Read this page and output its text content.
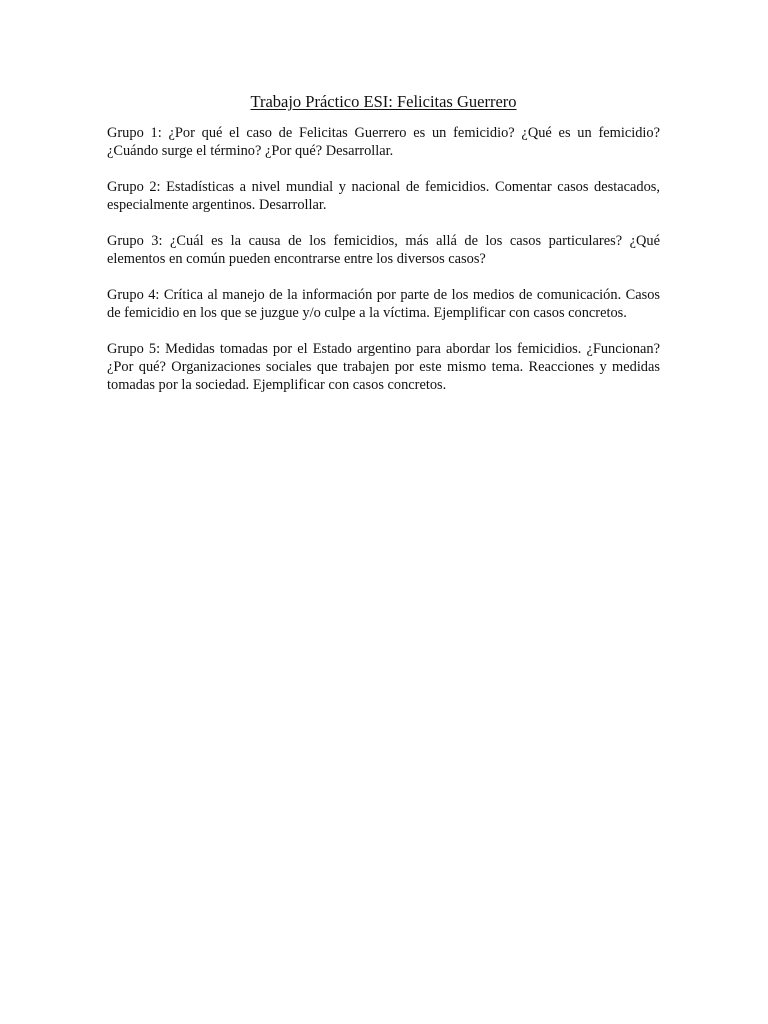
Trabajo Práctico ESI: Felicitas Guerrero

Grupo 1: ¿Por qué el caso de Felicitas Guerrero es un femicidio? ¿Qué es un femicidio? ¿Cuándo surge el término? ¿Por qué? Desarrollar.

Grupo 2: Estadísticas a nivel mundial y nacional de femicidios. Comentar casos destacados, especialmente argentinos. Desarrollar.

Grupo 3: ¿Cuál es la causa de los femicidios, más allá de los casos particulares? ¿Qué elementos en común pueden encontrarse entre los diversos casos?

Grupo 4: Crítica al manejo de la información por parte de los medios de comunicación. Casos de femicidio en los que se juzgue y/o culpe a la víctima. Ejemplificar con casos concretos.

Grupo 5: Medidas tomadas por el Estado argentino para abordar los femicidios. ¿Funcionan? ¿Por qué? Organizaciones sociales que trabajen por este mismo tema. Reacciones y medidas tomadas por la sociedad. Ejemplificar con casos concretos.
